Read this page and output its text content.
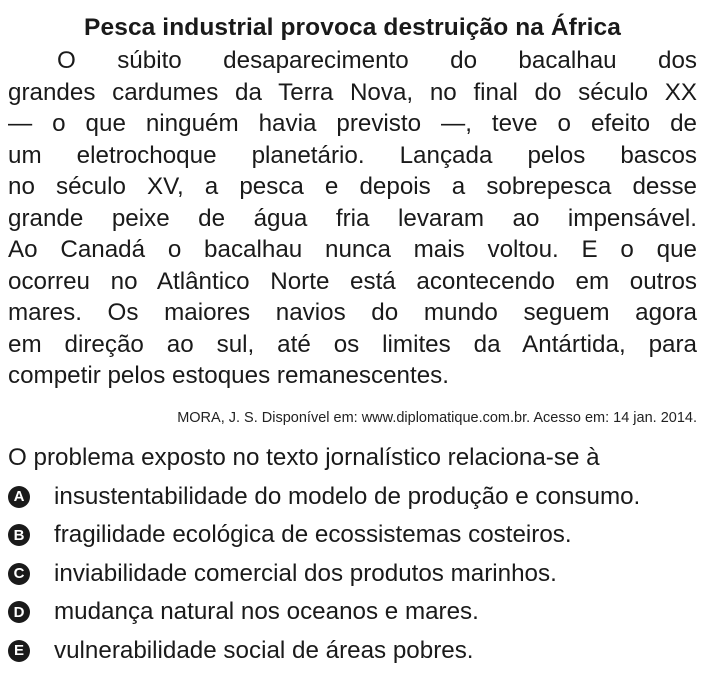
Pesca industrial provoca destruição na África
O súbito desaparecimento do bacalhau dos
grandes cardumes da Terra Nova, no final do século XX
— o que ninguém havia previsto —, teve o efeito de
um eletrochoque planetário. Lançada pelos bascos
no século XV, a pesca e depois a sobrepesca desse
grande peixe de água fria levaram ao impensável.
Ao Canadá o bacalhau nunca mais voltou. E o que
ocorreu no Atlântico Norte está acontecendo em outros
mares. Os maiores navios do mundo seguem agora
em direção ao sul, até os limites da Antártida, para
competir pelos estoques remanescentes.

MORA, J. S. Disponível em: www.diplomatique.com.br. Acesso em: 14 jan. 2014.

O problema exposto no texto jornalístico relaciona-se à

A insustentabilidade do modelo de produção e consumo.
B fragilidade ecológica de ecossistemas costeiros.
C inviabilidade comercial dos produtos marinhos.
D mudança natural nos oceanos e mares.
E vulnerabilidade social de áreas pobres.
